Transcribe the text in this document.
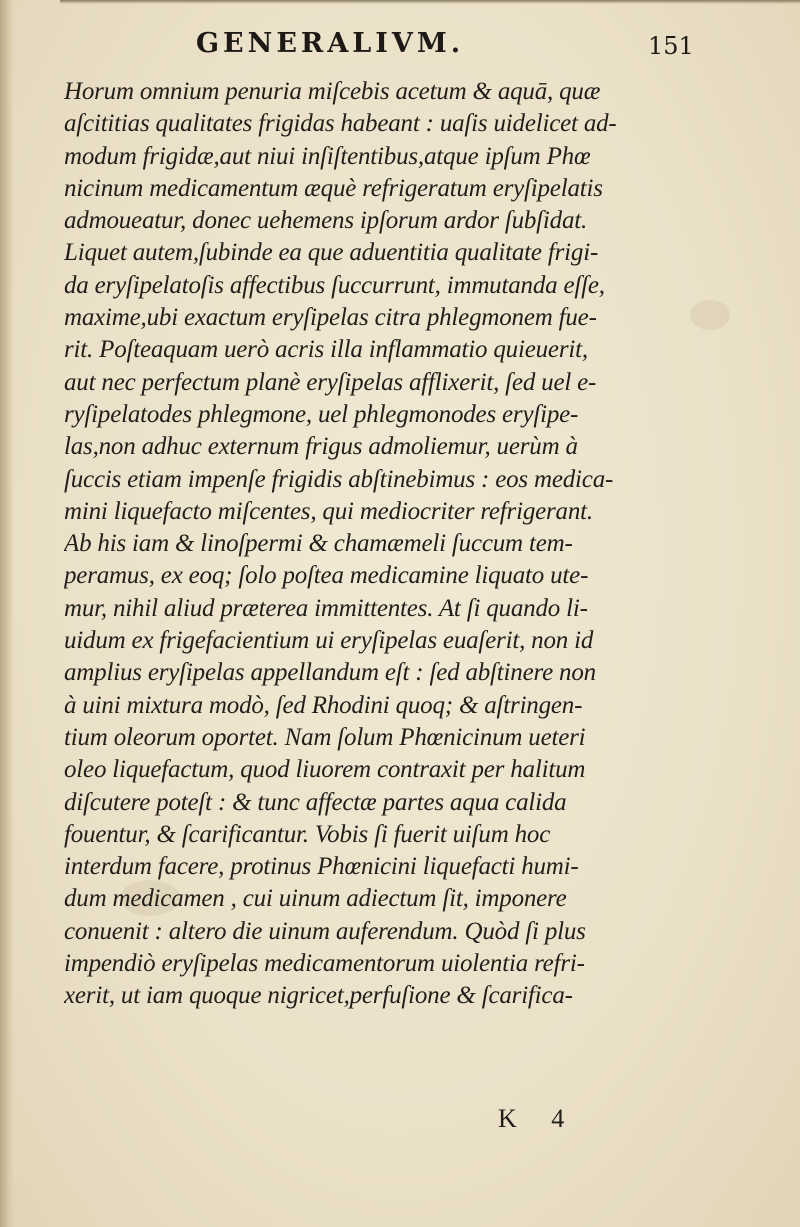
GENERALIVM.	151
Horum omnium penuria miſcebis acetum & aquā, quæ
aſcititias qualitates frigidas habeant : uaſis uidelicet ad-
modum frigidæ,aut niui inſiſtentibus,atque ipſum Phœ
nicinum medicamentum æquè refrigeratum eryſipelatis
admoueatur, donec uehemens ipſorum ardor ſubſidat.
Liquet autem,ſubinde ea que aduentitia qualitate frigi-
da eryſipelatoſis affectibus ſuccurrunt, immutanda eſſe,
maxime,ubi exactum eryſipelas citra phlegmonem fue-
rit. Poſteaquam uerò acris illa inflammatio quieuerit,
aut nec perfectum planè eryſipelas afflixerit, ſed uel e-
ryſipelatodes phlegmone, uel phlegmonodes eryſipe-
las,non adhuc externum frigus admoliemur, uerùm à
ſuccis etiam impenſe frigidis abſtinebimus : eos medica-
mini liquefacto miſcentes, qui mediocriter refrigerant.
Ab his iam & linoſpermi & chamæmeli ſuccum tem-
peramus, ex eoq; ſolo poſtea medicamine liquato ute-
mur, nihil aliud præterea immittentes. At ſi quando li-
uidum ex frigefacientium ui eryſipelas euaſerit, non id
amplius eryſipelas appellandum eſt : ſed abſtinere non
à uini mixtura modò, ſed Rhodini quoq; & aſtringen-
tium oleorum oportet. Nam ſolum Phœnicinum ueteri
oleo liquefactum, quod liuorem contraxit per halitum
diſcutere poteſt : & tunc affectæ partes aqua calida
fouentur, & ſcarificantur. Vobis ſi fuerit uiſum hoc
interdum facere, protinus Phœnicini liquefacti humi-
dum medicamen , cui uinum adiectum ſit, imponere
conuenit : altero die uinum auferendum. Quòd ſi plus
impendiò eryſipelas medicamentorum uiolentia refri-
xerit, ut iam quoque nigricet,perfuſione & ſcarifica-
K 4
